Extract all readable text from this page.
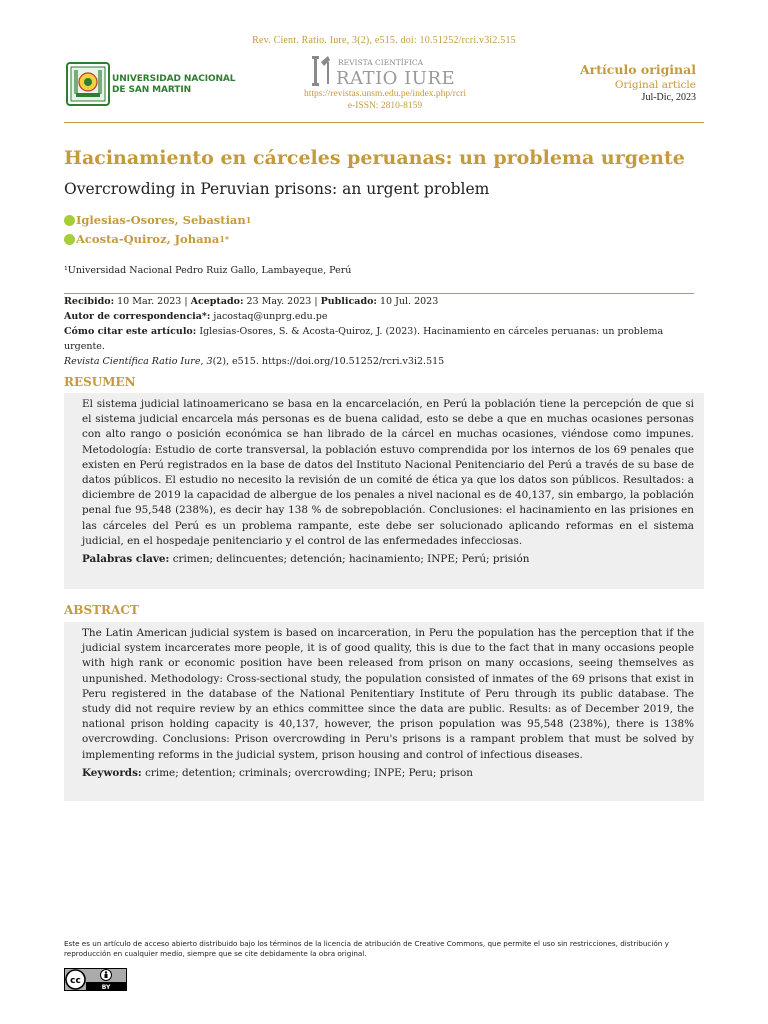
Rev. Cient. Ratio. Iure, 3(2), e515. doi: 10.51252/rcri.v3i2.515
UNIVERSIDAD NACIONAL
DE SAN MARTIN
REVISTA CIENTÍFICA
RATIO IURE
https://revistas.unsm.edu.pe/index.php/rcri
e-ISSN: 2810-8159
Artículo original
Original article
Jul-Dic, 2023
Hacinamiento en cárceles peruanas: un problema urgente
Overcrowding in Peruvian prisons: an urgent problem
Iglesias-Osores, Sebastian 1
Acosta-Quiroz, Johana 1*
¹Universidad Nacional Pedro Ruiz Gallo, Lambayeque, Perú
Recibido: 10 Mar. 2023 | Aceptado: 23 May. 2023 | Publicado: 10 Jul. 2023
Autor de correspondencia*: jacostaq@unprg.edu.pe
Cómo citar este artículo: Iglesias-Osores, S. & Acosta-Quiroz, J. (2023). Hacinamiento en cárceles peruanas: un problema urgente.
Revista Científica Ratio Iure, 3(2), e515. https://doi.org/10.51252/rcri.v3i2.515
RESUMEN

El sistema judicial latinoamericano se basa en la encarcelación, en Perú la población tiene la percepción de que si el sistema judicial encarcela más personas es de buena calidad, esto se debe a que en muchas ocasiones personas con alto rango o posición económica se han librado de la cárcel en muchas ocasiones, viéndose como impunes. Metodología: Estudio de corte transversal, la población estuvo comprendida por los internos de los 69 penales que existen en Perú registrados en la base de datos del Instituto Nacional Penitenciario del Perú a través de su base de datos públicos. El estudio no necesito la revisión de un comité de ética ya que los datos son públicos. Resultados: a diciembre de 2019 la capacidad de albergue de los penales a nivel nacional es de 40,137, sin embargo, la población penal fue 95,548 (238%), es decir hay 138 % de sobrepoblación. Conclusiones: el hacinamiento en las prisiones en las cárceles del Perú es un problema rampante, este debe ser solucionado aplicando reformas en el sistema judicial, en el hospedaje penitenciario y el control de las enfermedades infecciosas.

Palabras clave: crimen; delincuentes; detención; hacinamiento; INPE; Perú; prisión

ABSTRACT

The Latin American judicial system is based on incarceration, in Peru the population has the perception that if the judicial system incarcerates more people, it is of good quality, this is due to the fact that in many occasions people with high rank or economic position have been released from prison on many occasions, seeing themselves as unpunished. Methodology: Cross-sectional study, the population consisted of inmates of the 69 prisons that exist in Peru registered in the database of the National Penitentiary Institute of Peru through its public database. The study did not require review by an ethics committee since the data are public. Results: as of December 2019, the national prison holding capacity is 40,137, however, the prison population was 95,548 (238%), there is 138% overcrowding. Conclusions: Prison overcrowding in Peru's prisons is a rampant problem that must be solved by implementing reforms in the judicial system, prison housing and control of infectious diseases.

Keywords: crime; detention; criminals; overcrowding; INPE; Peru; prison

Este es un artículo de acceso abierto distribuido bajo los términos de la licencia de atribución de Creative Commons, que permite el uso sin restricciones, distribución y
reproducción en cualquier medio, siempre que se cite debidamente la obra original.
cc
BY
